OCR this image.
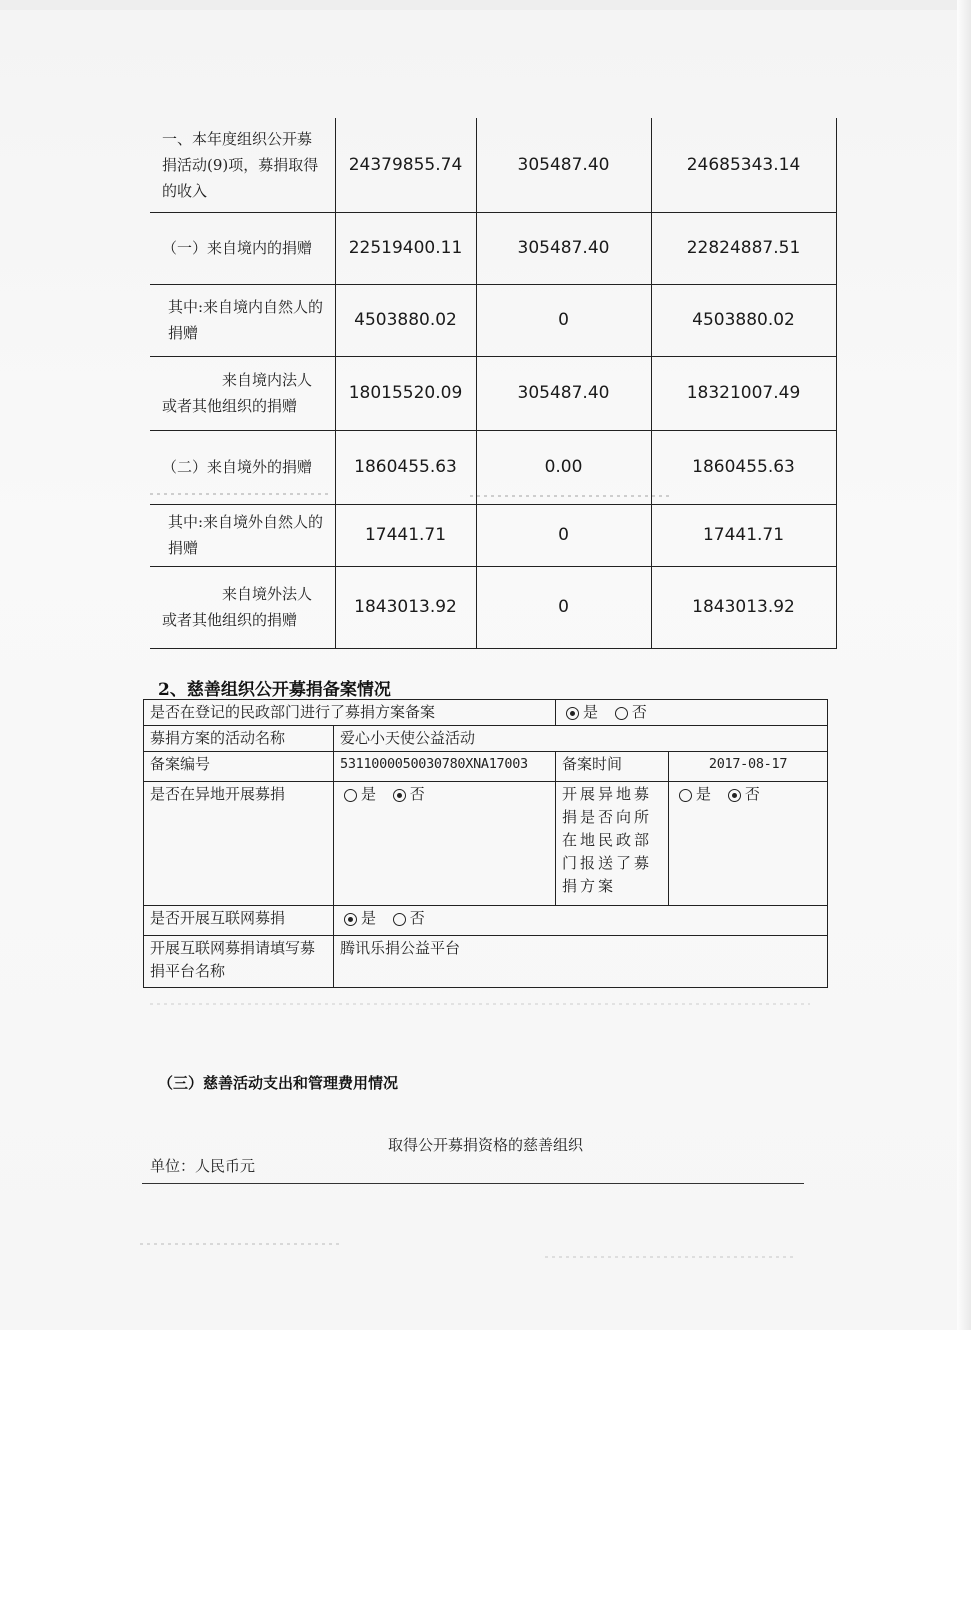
一、本年度组织公开募捐活动(9)项，募捐取得的收入	24379855.74	305487.40	24685343.14
（一）来自境内的捐赠	22519400.11	305487.40	22824887.51
其中:来自境内自然人的捐赠	4503880.02	0	4503880.02
来自境内法人或者其他组织的捐赠	18015520.09	305487.40	18321007.49
（二）来自境外的捐赠	1860455.63	0.00	1860455.63
其中:来自境外自然人的捐赠	17441.71	0	17441.71
来自境外法人或者其他组织的捐赠	1843013.92	0	1843013.92
2、慈善组织公开募捐备案情况
是否在登记的民政部门进行了募捐方案备案		是 否	
募捐方案的活动名称	爱心小天使公益活动		
备案编号	5311000050030780XNA17003	备案时间	2017-08-17
是否在异地开展募捐	是 否	开展异地募捐是否向所在地民政部门报送了募捐方案	是 否
是否开展互联网募捐	是 否		
开展互联网募捐请填写募捐平台名称	腾讯乐捐公益平台		
（三）慈善活动支出和管理费用情况
取得公开募捐资格的慈善组织
单位：人民币元
